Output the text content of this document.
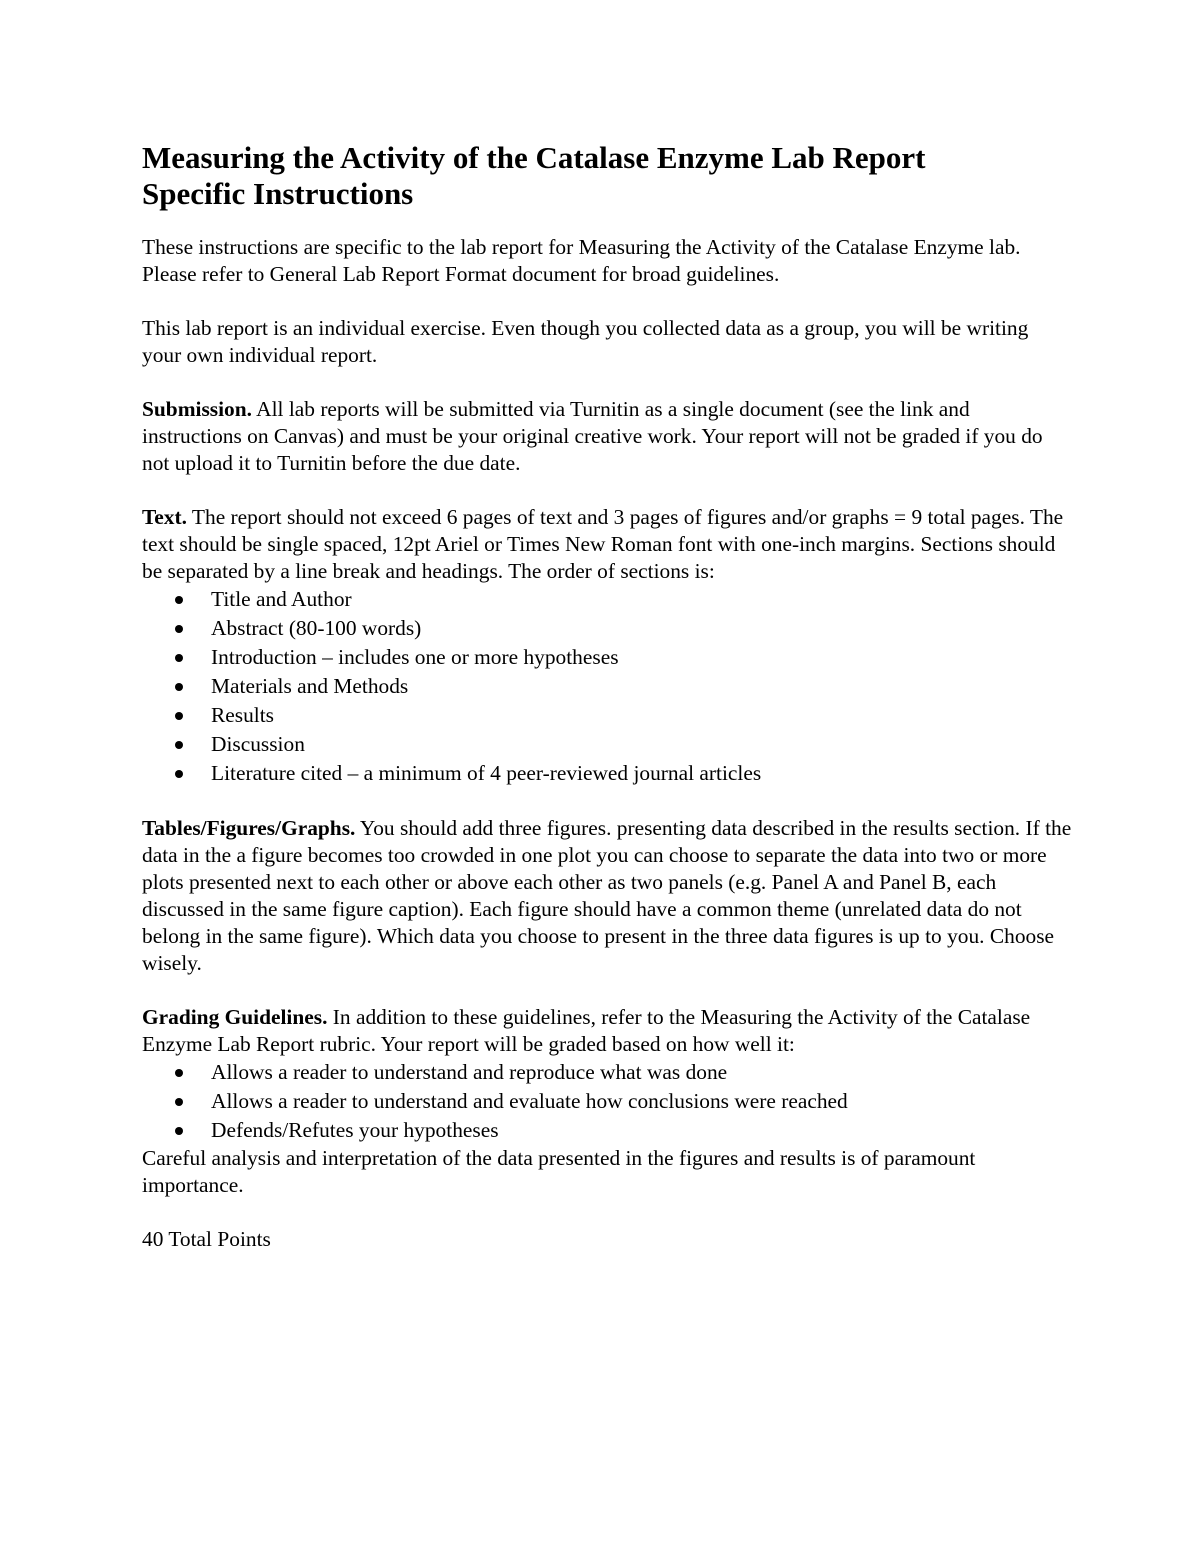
Measuring the Activity of the Catalase Enzyme Lab Report
Specific Instructions

These instructions are specific to the lab report for Measuring the Activity of the Catalase Enzyme lab. Please refer to General Lab Report Format document for broad guidelines.

This lab report is an individual exercise. Even though you collected data as a group, you will be writing your own individual report.

Submission. All lab reports will be submitted via Turnitin as a single document (see the link and instructions on Canvas) and must be your original creative work. Your report will not be graded if you do not upload it to Turnitin before the due date.

Text. The report should not exceed 6 pages of text and 3 pages of figures and/or graphs = 9 total pages. The text should be single spaced, 12pt Ariel or Times New Roman font with one-inch margins. Sections should be separated by a line break and headings. The order of sections is:

Title and Author
Abstract (80-100 words)
Introduction – includes one or more hypotheses
Materials and Methods
Results
Discussion
Literature cited – a minimum of 4 peer-reviewed journal articles

Tables/Figures/Graphs. You should add three figures. presenting data described in the results section. If the data in the a figure becomes too crowded in one plot you can choose to separate the data into two or more plots presented next to each other or above each other as two panels (e.g. Panel A and Panel B, each discussed in the same figure caption). Each figure should have a common theme (unrelated data do not belong in the same figure). Which data you choose to present in the three data figures is up to you. Choose wisely.

Grading Guidelines. In addition to these guidelines, refer to the Measuring the Activity of the Catalase Enzyme Lab Report rubric. Your report will be graded based on how well it:

Allows a reader to understand and reproduce what was done
Allows a reader to understand and evaluate how conclusions were reached
Defends/Refutes your hypotheses

Careful analysis and interpretation of the data presented in the figures and results is of paramount importance.

40 Total Points
